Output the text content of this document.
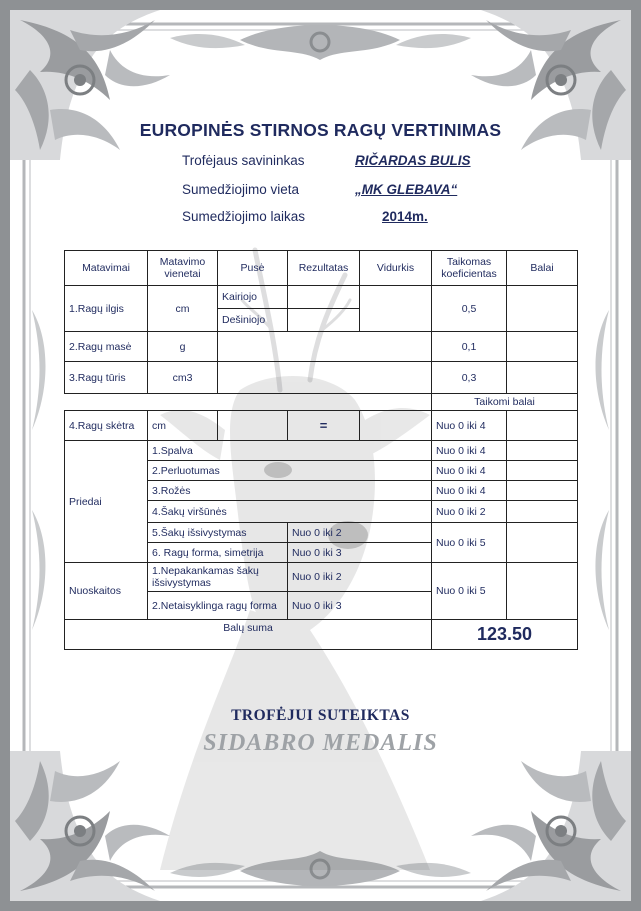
EUROPINĖS STIRNOS RAGŲ VERTINIMAS
Trofėjaus savininkas	RIČARDAS BULIS
Sumedžiojimo vieta	„MK GLEBAVA“
Sumedžiojimo laikas	2014m.
Matavimai	Matavimo vienetai	Pusė	Rezultatas	Vidurkis	Taikomas koeficientas	Balai
1.Ragų ilgis	cm	Kairiojo			0,5	
		Dešiniojo				
2.Ragų masė	g				0,1	
3.Ragų tūris	cm3				0,3	
					Taikomi balai	
4.Ragų skėtra	cm		=		Nuo 0 iki 4	
Priedai	1.Spalva				Nuo 0 iki 4	
	2.Perluotumas				Nuo 0 iki 4	
	3.Rožės				Nuo 0 iki 4	
	4.Šakų viršūnės				Nuo 0 iki 2	
	5.Šakų išsivystymas		Nuo 0 iki 2		Nuo 0 iki 5	
	6. Ragų forma, simetrija		Nuo 0 iki 3			
Nuoskaitos	1.Nepakankamas šakų išsivystymas		Nuo 0 iki 2		Nuo 0 iki 5	
	2.Netaisyklinga ragų forma		Nuo 0 iki 3			
Balų suma					123.50	
TROFĖJUI SUTEIKTAS
SIDABRO MEDALIS
